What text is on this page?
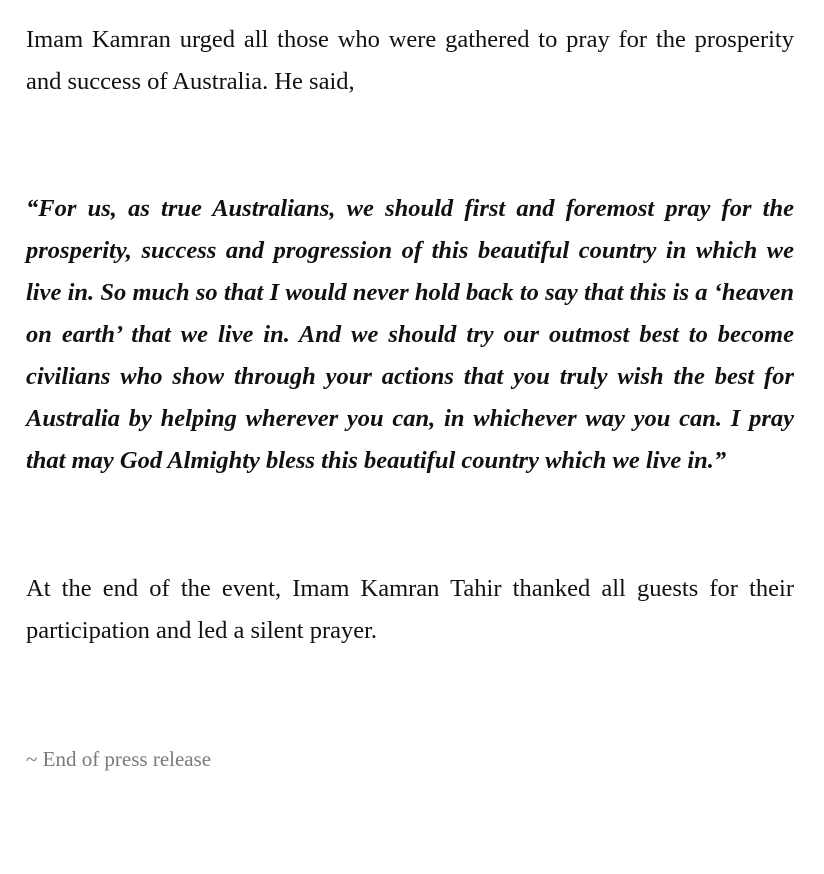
Imam Kamran urged all those who were gathered to pray for the prosperity and success of Australia. He said,

“For us, as true Australians, we should first and foremost pray for the prosperity, success and progression of this beautiful country in which we live in. So much so that I would never hold back to say that this is a ‘heaven on earth’ that we live in. And we should try our outmost best to become civilians who show through your actions that you truly wish the best for Australia by helping wherever you can, in whichever way you can. I pray that may God Almighty bless this beautiful country which we live in.”

At the end of the event, Imam Kamran Tahir thanked all guests for their participation and led a silent prayer.

~ End of press release
